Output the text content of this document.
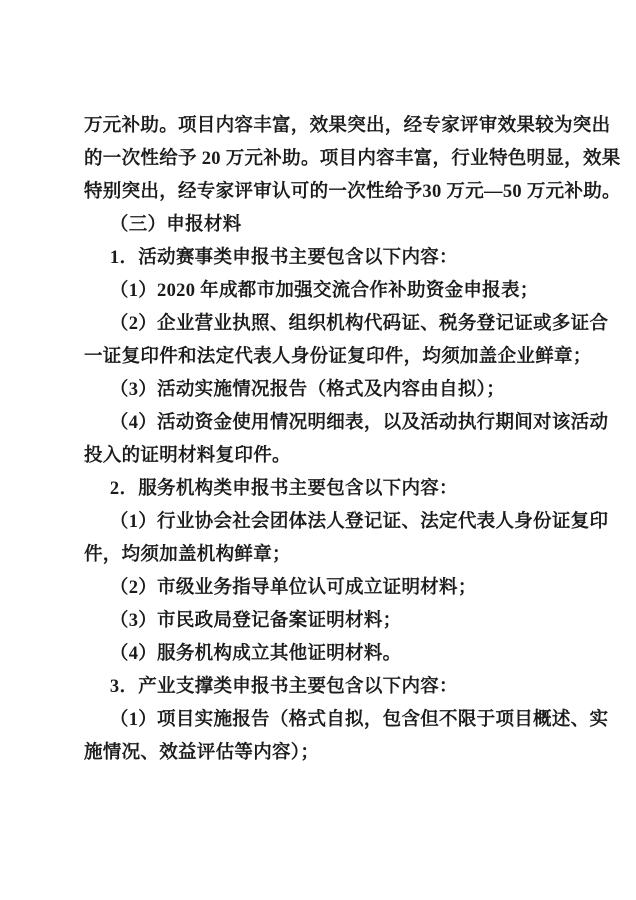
万元补助。项目内容丰富，效果突出，经专家评审效果较为突出
的一次性给予 20 万元补助。项目内容丰富，行业特色明显，效果
特别突出，经专家评审认可的一次性给予30 万元—50 万元补助。
（三）申报材料
1．活动赛事类申报书主要包含以下内容：
（1）2020 年成都市加强交流合作补助资金申报表；
（2）企业营业执照、组织机构代码证、税务登记证或多证合
一证复印件和法定代表人身份证复印件，均须加盖企业鲜章；
（3）活动实施情况报告（格式及内容由自拟）；
（4）活动资金使用情况明细表，以及活动执行期间对该活动
投入的证明材料复印件。
2．服务机构类申报书主要包含以下内容：
（1）行业协会社会团体法人登记证、法定代表人身份证复印
件，均须加盖机构鲜章；
（2）市级业务指导单位认可成立证明材料；
（3）市民政局登记备案证明材料；
（4）服务机构成立其他证明材料。
3．产业支撑类申报书主要包含以下内容：
（1）项目实施报告（格式自拟，包含但不限于项目概述、实
施情况、效益评估等内容）；
